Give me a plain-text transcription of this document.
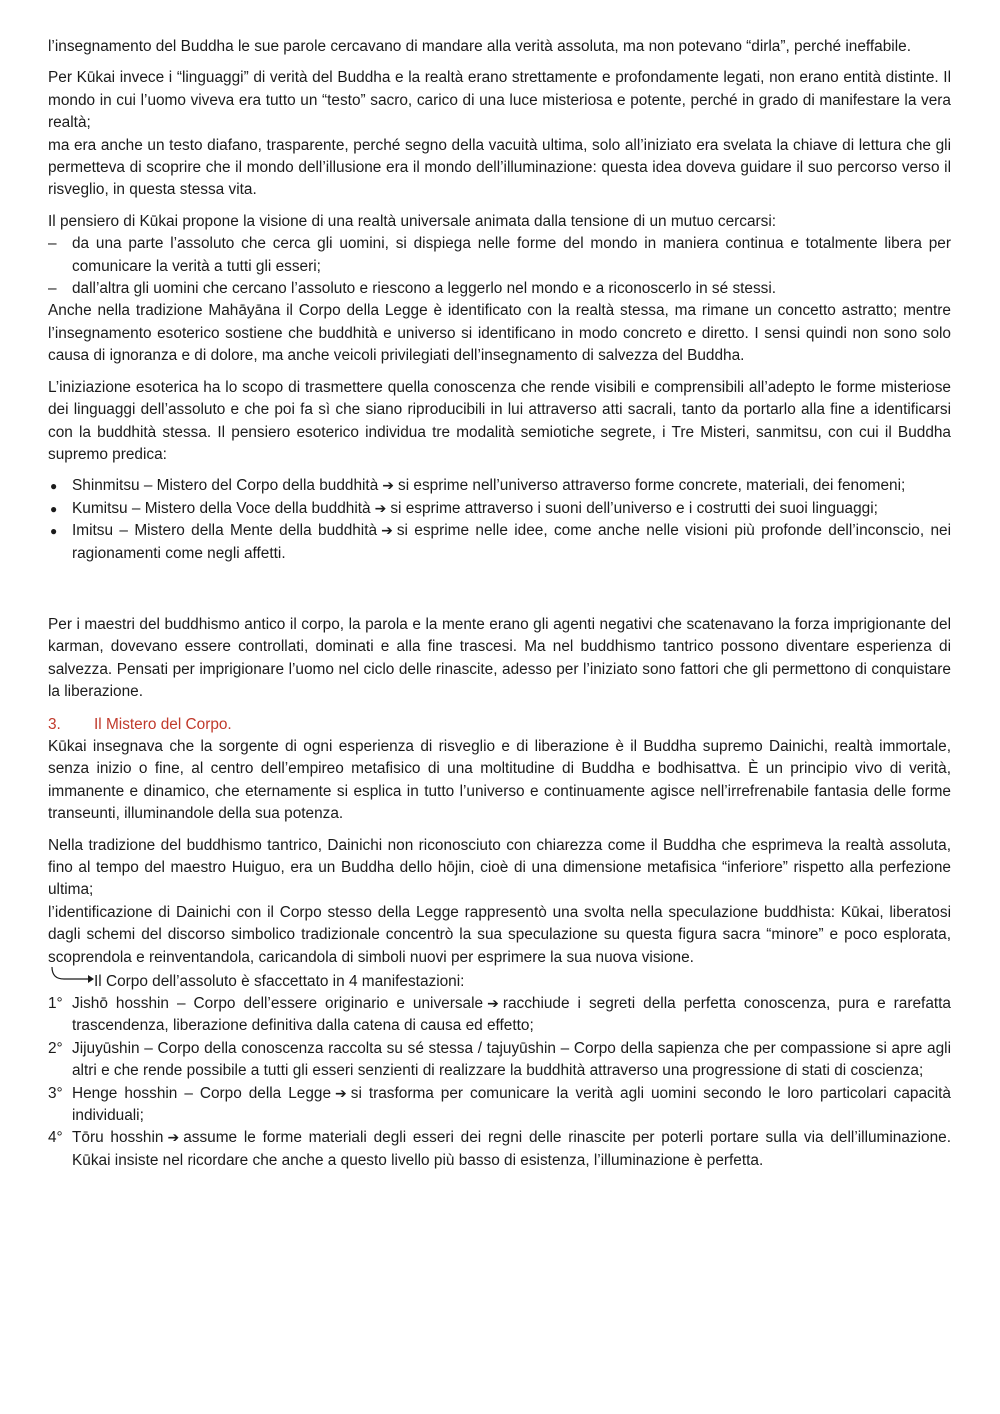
l’insegnamento del Buddha le sue parole cercavano di mandare alla verità assoluta, ma non potevano “dirla”, perché ineffabile.

Per Kūkai invece i “linguaggi” di verità del Buddha e la realtà erano strettamente e profondamente legati, non erano entità distinte. Il mondo in cui l’uomo viveva era tutto un “testo” sacro, carico di una luce misteriosa e potente, perché in grado di manifestare la vera realtà;

ma era anche un testo diafano, trasparente, perché segno della vacuità ultima, solo all’iniziato era svelata la chiave di lettura che gli permetteva di scoprire che il mondo dell’illusione era il mondo dell’illuminazione: questa idea doveva guidare il suo percorso verso il risveglio, in questa stessa vita.

Il pensiero di Kūkai propone la visione di una realtà universale animata dalla tensione di un mutuo cercarsi:

– da una parte l’assoluto che cerca gli uomini, si dispiega nelle forme del mondo in maniera continua e totalmente libera per comunicare la verità a tutti gli esseri;
– dall’altra gli uomini che cercano l’assoluto e riescono a leggerlo nel mondo e a riconoscerlo in sé stessi.

Anche nella tradizione Mahāyāna il Corpo della Legge è identificato con la realtà stessa, ma rimane un concetto astratto; mentre l’insegnamento esoterico sostiene che buddhità e universo si identificano in modo concreto e diretto. I sensi quindi non sono solo causa di ignoranza e di dolore, ma anche veicoli privilegiati dell’insegnamento di salvezza del Buddha.

L’iniziazione esoterica ha lo scopo di trasmettere quella conoscenza che rende visibili e comprensibili all’adepto le forme misteriose dei linguaggi dell’assoluto e che poi fa sì che siano riproducibili in lui attraverso atti sacrali, tanto da portarlo alla fine a identificarsi con la buddhità stessa. Il pensiero esoterico individua tre modalità semiotiche segrete, i Tre Misteri, sanmitsu, con cui il Buddha supremo predica:

● Shinmitsu – Mistero del Corpo della buddhità ➔ si esprime nell’universo attraverso forme concrete, materiali, dei fenomeni;
● Kumitsu – Mistero della Voce della buddhità ➔ si esprime attraverso i suoni dell’universo e i costrutti dei suoi linguaggi;
● Imitsu – Mistero della Mente della buddhità ➔ si esprime nelle idee, come anche nelle visioni più profonde dell’inconscio, nei ragionamenti come negli affetti.

Per i maestri del buddhismo antico il corpo, la parola e la mente erano gli agenti negativi che scatenavano la forza imprigionante del karman, dovevano essere controllati, dominati e alla fine trascesi. Ma nel buddhismo tantrico possono diventare esperienza di salvezza. Pensati per imprigionare l’uomo nel ciclo delle rinascite, adesso per l’iniziato sono fattori che gli permettono di conquistare la liberazione.

3. Il Mistero del Corpo.

Kūkai insegnava che la sorgente di ogni esperienza di risveglio e di liberazione è il Buddha supremo Dainichi, realtà immortale, senza inizio o fine, al centro dell’empireo metafisico di una moltitudine di Buddha e bodhisattva. È un principio vivo di verità, immanente e dinamico, che eternamente si esplica in tutto l’universo e continuamente agisce nell’irrefrenabile fantasia delle forme transeunti, illuminandole della sua potenza.

Nella tradizione del buddhismo tantrico, Dainichi non riconosciuto con chiarezza come il Buddha che esprimeva la realtà assoluta, fino al tempo del maestro Huiguo, era un Buddha dello hōjin, cioè di una dimensione metafisica “inferiore” rispetto alla perfezione ultima;

l’identificazione di Dainichi con il Corpo stesso della Legge rappresentò una svolta nella speculazione buddhista: Kūkai, liberatosi dagli schemi del discorso simbolico tradizionale concentrò la sua speculazione su questa figura sacra “minore” e poco esplorata, scoprendola e reinventandola, caricandola di simboli nuovi per esprimere la sua nuova visione.

Il Corpo dell’assoluto è sfaccettato in 4 manifestazioni:
1° Jishō hosshin – Corpo dell’essere originario e universale ➔ racchiude i segreti della perfetta conoscenza, pura e rarefatta trascendenza, liberazione definitiva dalla catena di causa ed effetto;
2° Jijuyūshin – Corpo della conoscenza raccolta su sé stessa / tajuyūshin – Corpo della sapienza che per compassione si apre agli altri e che rende possibile a tutti gli esseri senzienti di realizzare la buddhità attraverso una progressione di stati di coscienza;
3° Henge hosshin – Corpo della Legge ➔ si trasforma per comunicare la verità agli uomini secondo le loro particolari capacità individuali;
4° Tōru hosshin ➔ assume le forme materiali degli esseri dei regni delle rinascite per poterli portare sulla via dell’illuminazione. Kūkai insiste nel ricordare che anche a questo livello più basso di esistenza, l’illuminazione è perfetta.
